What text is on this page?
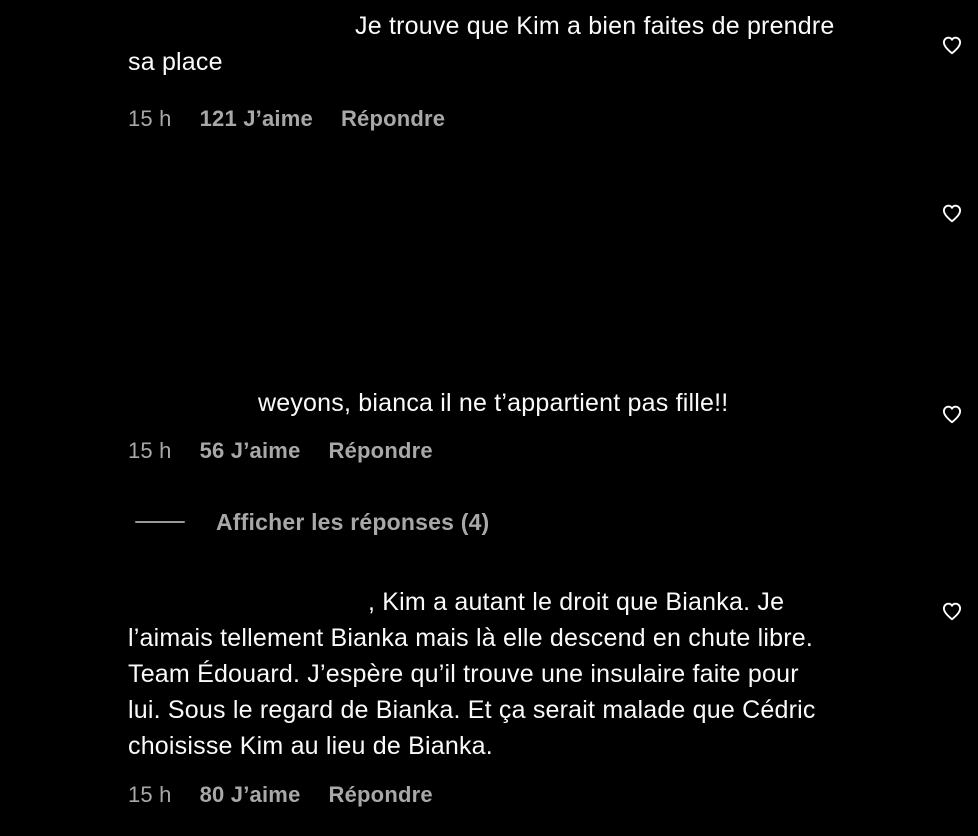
Je trouve que Kim a bien faites de prendre
sa place
15 h 121 J’aime Répondre
weyons, bianca il ne t’appartient pas fille!!
15 h 56 J’aime Répondre
Afficher les réponses (4)
, Kim a autant le droit que Bianka. Je
l’aimais tellement Bianka mais là elle descend en chute libre.
Team Édouard. J’espère qu’il trouve une insulaire faite pour
lui. Sous le regard de Bianka. Et ça serait malade que Cédric
choisisse Kim au lieu de Bianka.
15 h 80 J’aime Répondre
